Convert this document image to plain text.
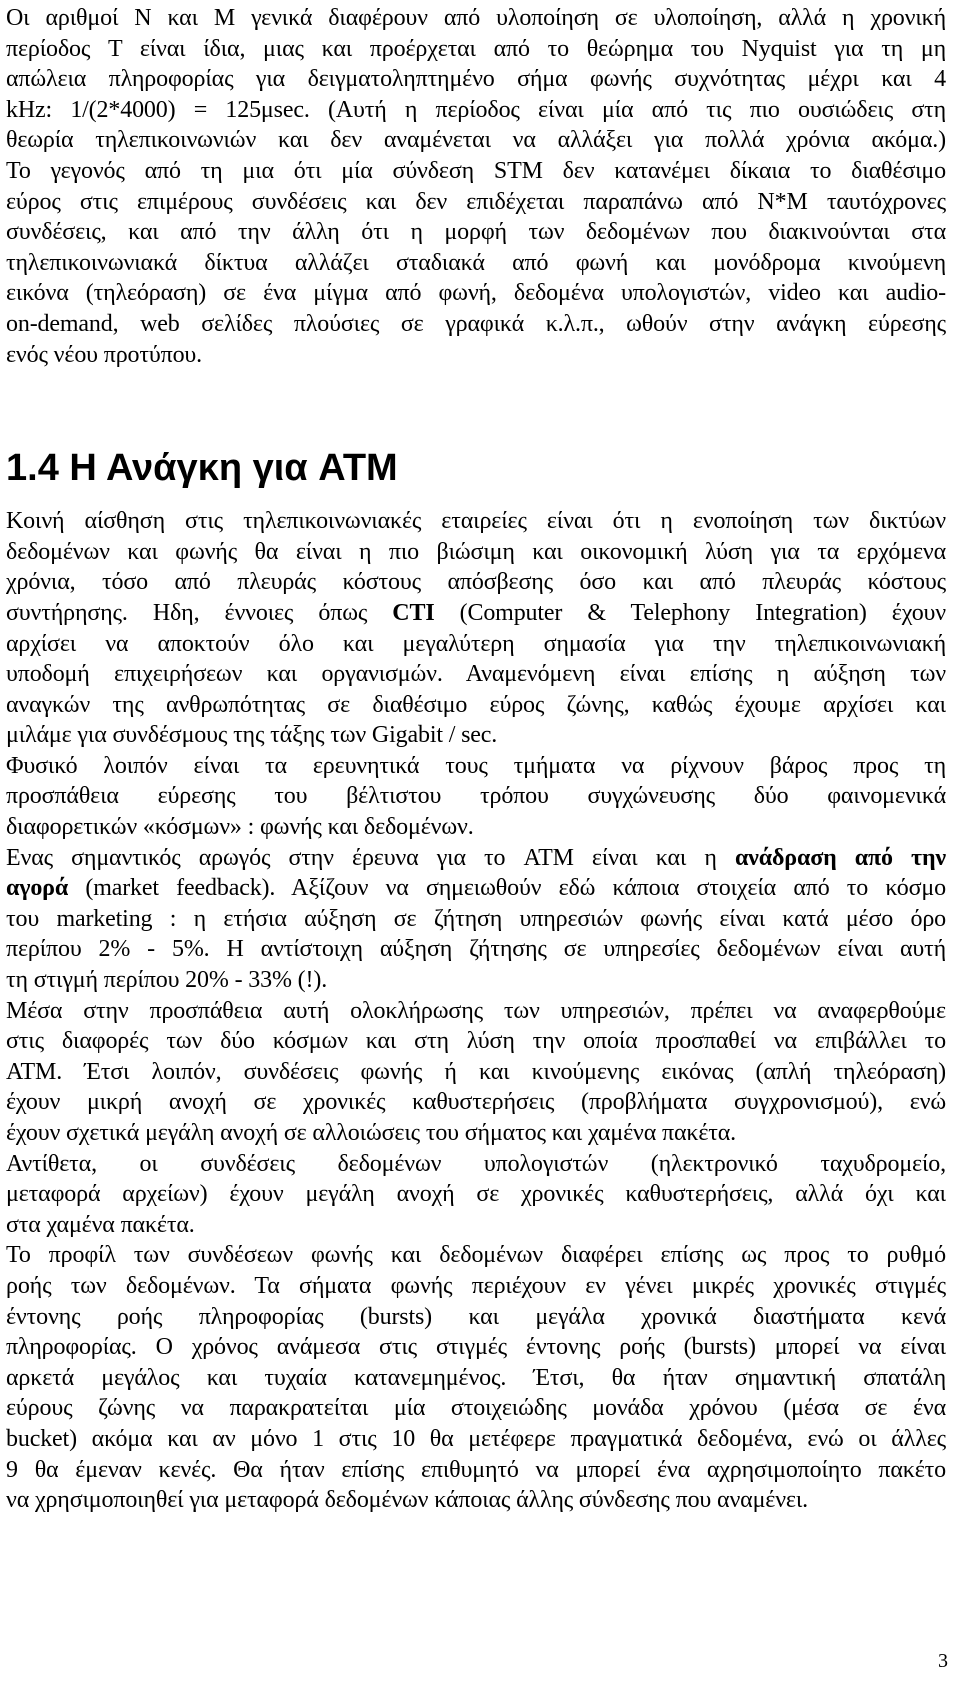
Οι αριθμοί N και M γενικά διαφέρουν από υλοποίηση σε υλοποίηση, αλλά η χρονική
περίοδος T είναι ίδια, μιας και προέρχεται από το θεώρημα του Nyquist για τη μη
απώλεια πληροφορίας για δειγματοληπτημένο σήμα φωνής συχνότητας μέχρι και 4
kHz: 1/(2*4000) = 125μsec. (Αυτή η περίοδος είναι μία από τις πιο ουσιώδεις στη
θεωρία τηλεπικοινωνιών και δεν αναμένεται να αλλάξει για πολλά χρόνια ακόμα.)
Το γεγονός από τη μια ότι μία σύνδεση STM δεν κατανέμει δίκαια το διαθέσιμο
εύρος στις επιμέρους συνδέσεις και δεν επιδέχεται παραπάνω από N*M ταυτόχρονες
συνδέσεις, και από την άλλη ότι η μορφή των δεδομένων που διακινούνται στα
τηλεπικοινωνιακά δίκτυα αλλάζει σταδιακά από φωνή και μονόδρομα κινούμενη
εικόνα (τηλεόραση) σε ένα μίγμα από φωνή, δεδομένα υπολογιστών, video και audio-
on-demand, web σελίδες πλούσιες σε γραφικά κ.λ.π., ωθούν στην ανάγκη εύρεσης
ενός νέου προτύπου.
1.4 Η Ανάγκη για ATM
Κοινή αίσθηση στις τηλεπικοινωνιακές εταιρείες είναι ότι η ενοποίηση των δικτύων
δεδομένων και φωνής θα είναι η πιο βιώσιμη και οικονομική λύση για τα ερχόμενα
χρόνια, τόσο από πλευράς κόστους απόσβεσης όσο και από πλευράς κόστους
συντήρησης. Ηδη, έννοιες όπως CTI (Computer & Telephony Integration) έχουν
αρχίσει να αποκτούν όλο και μεγαλύτερη σημασία για την τηλεπικοινωνιακή
υποδομή επιχειρήσεων και οργανισμών. Αναμενόμενη είναι επίσης η αύξηση των
αναγκών της ανθρωπότητας σε διαθέσιμο εύρος ζώνης, καθώς έχουμε αρχίσει και
μιλάμε για συνδέσμους της τάξης των Gigabit / sec.
Φυσικό λοιπόν είναι τα ερευνητικά τους τμήματα να ρίχνουν βάρος προς τη
προσπάθεια εύρεσης του βέλτιστου τρόπου συγχώνευσης δύο φαινομενικά
διαφορετικών «κόσμων» : φωνής και δεδομένων.
Ενας σημαντικός αρωγός στην έρευνα για το ATM είναι και η ανάδραση από την
αγορά (market feedback). Αξίζουν να σημειωθούν εδώ κάποια στοιχεία από το κόσμο
του marketing : η ετήσια αύξηση σε ζήτηση υπηρεσιών φωνής είναι κατά μέσο όρο
περίπου 2% - 5%. Η αντίστοιχη αύξηση ζήτησης σε υπηρεσίες δεδομένων είναι αυτή
τη στιγμή περίπου 20% - 33% (!).
Μέσα στην προσπάθεια αυτή ολοκλήρωσης των υπηρεσιών, πρέπει να αναφερθούμε
στις διαφορές των δύο κόσμων και στη λύση την οποία προσπαθεί να επιβάλλει το
ATM. Έτσι λοιπόν, συνδέσεις φωνής ή και κινούμενης εικόνας (απλή τηλεόραση)
έχουν μικρή ανοχή σε χρονικές καθυστερήσεις (προβλήματα συγχρονισμού), ενώ
έχουν σχετικά μεγάλη ανοχή σε αλλοιώσεις του σήματος και χαμένα πακέτα.
Αντίθετα, οι συνδέσεις δεδομένων υπολογιστών (ηλεκτρονικό ταχυδρομείο,
μεταφορά αρχείων) έχουν μεγάλη ανοχή σε χρονικές καθυστερήσεις, αλλά όχι και
στα χαμένα πακέτα.
Το προφίλ των συνδέσεων φωνής και δεδομένων διαφέρει επίσης ως προς το ρυθμό
ροής των δεδομένων. Τα σήματα φωνής περιέχουν εν γένει μικρές χρονικές στιγμές
έντονης ροής πληροφορίας (bursts) και μεγάλα χρονικά διαστήματα κενά
πληροφορίας. Ο χρόνος ανάμεσα στις στιγμές έντονης ροής (bursts) μπορεί να είναι
αρκετά μεγάλος και τυχαία κατανεμημένος. Έτσι, θα ήταν σημαντική σπατάλη
εύρους ζώνης να παρακρατείται μία στοιχειώδης μονάδα χρόνου (μέσα σε ένα
bucket) ακόμα και αν μόνο 1 στις 10 θα μετέφερε πραγματικά δεδομένα, ενώ οι άλλες
9 θα έμεναν κενές. Θα ήταν επίσης επιθυμητό να μπορεί ένα αχρησιμοποίητο πακέτο
να χρησιμοποιηθεί για μεταφορά δεδομένων κάποιας άλλης σύνδεσης που αναμένει.
3
